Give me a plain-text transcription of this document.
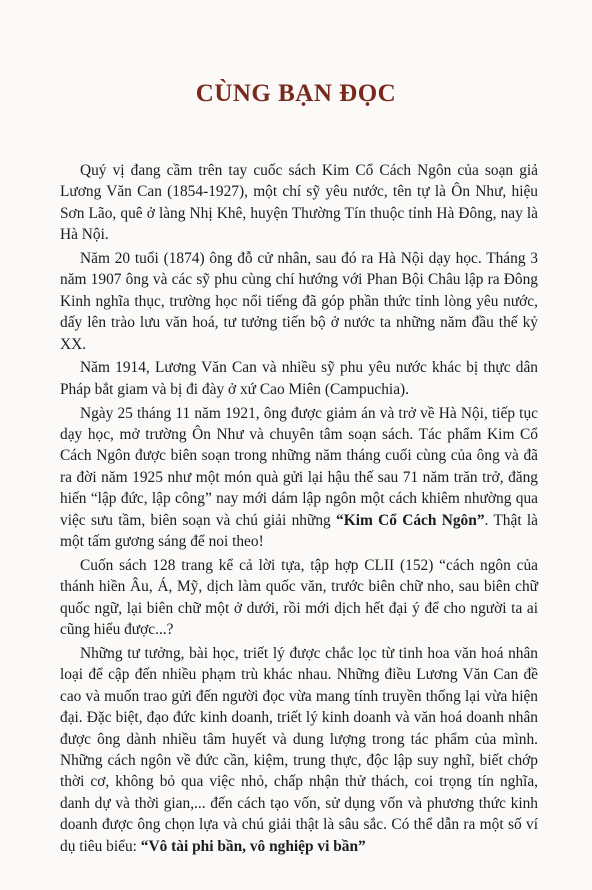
CÙNG BẠN ĐỌC

Quý vị đang cầm trên tay cuốc sách Kim Cổ Cách Ngôn của soạn giả Lương Văn Can (1854-1927), một chí sỹ yêu nước, tên tự là Ôn Như, hiệu Sơn Lão, quê ở làng Nhị Khê, huyện Thường Tín thuộc tỉnh Hà Đông, nay là Hà Nội.

Năm 20 tuổi (1874) ông đỗ cử nhân, sau đó ra Hà Nội dạy học. Tháng 3 năm 1907 ông và các sỹ phu cùng chí hướng với Phan Bội Châu lập ra Đông Kinh nghĩa thục, trường học nổi tiếng đã góp phần thức tỉnh lòng yêu nước, dấy lên trào lưu văn hoá, tư tưởng tiến bộ ở nước ta những năm đầu thế kỷ XX.

Năm 1914, Lương Văn Can và nhiều sỹ phu yêu nước khác bị thực dân Pháp bắt giam và bị đi đày ở xứ Cao Miên (Campuchia).

Ngày 25 tháng 11 năm 1921, ông được giảm án và trở về Hà Nội, tiếp tục dạy học, mở trường Ôn Như và chuyên tâm soạn sách. Tác phẩm Kim Cổ Cách Ngôn được biên soạn trong những năm tháng cuối cùng của ông và đã ra đời năm 1925 như một món quà gửi lại hậu thế sau 71 năm trăn trở, đăng hiến “lập đức, lập công” nay mới dám lập ngôn một cách khiêm nhường qua việc sưu tầm, biên soạn và chú giải những “Kim Cổ Cách Ngôn”. Thật là một tấm gương sáng để noi theo!

Cuốn sách 128 trang kể cả lời tựa, tập hợp CLII (152) “cách ngôn của thánh hiền Âu, Á, Mỹ, dịch làm quốc văn, trước biên chữ nho, sau biên chữ quốc ngữ, lại biên chữ một ở dưới, rồi mới dịch hết đại ý để cho người ta ai cũng hiểu được...?

Những tư tưởng, bài học, triết lý được chắc lọc từ tinh hoa văn hoá nhân loại để cập đến nhiều phạm trù khác nhau. Những điều Lương Văn Can đề cao và muốn trao gửi đến người đọc vừa mang tính truyền thống lại vừa hiện đại. Đặc biệt, đạo đức kinh doanh, triết lý kinh doanh và văn hoá doanh nhân được ông dành nhiều tâm huyết và dung lượng trong tác phẩm của mình. Những cách ngôn về đức cần, kiệm, trung thực, độc lập suy nghĩ, biết chớp thời cơ, không bỏ qua việc nhỏ, chấp nhận thử thách, coi trọng tín nghĩa, danh dự và thời gian,... đến cách tạo vốn, sử dụng vốn và phương thức kinh doanh được ông chọn lựa và chú giải thật là sâu sắc. Có thể dẫn ra một số ví dụ tiêu biểu: “Vô tài phi bần, vô nghiệp vi bần”
